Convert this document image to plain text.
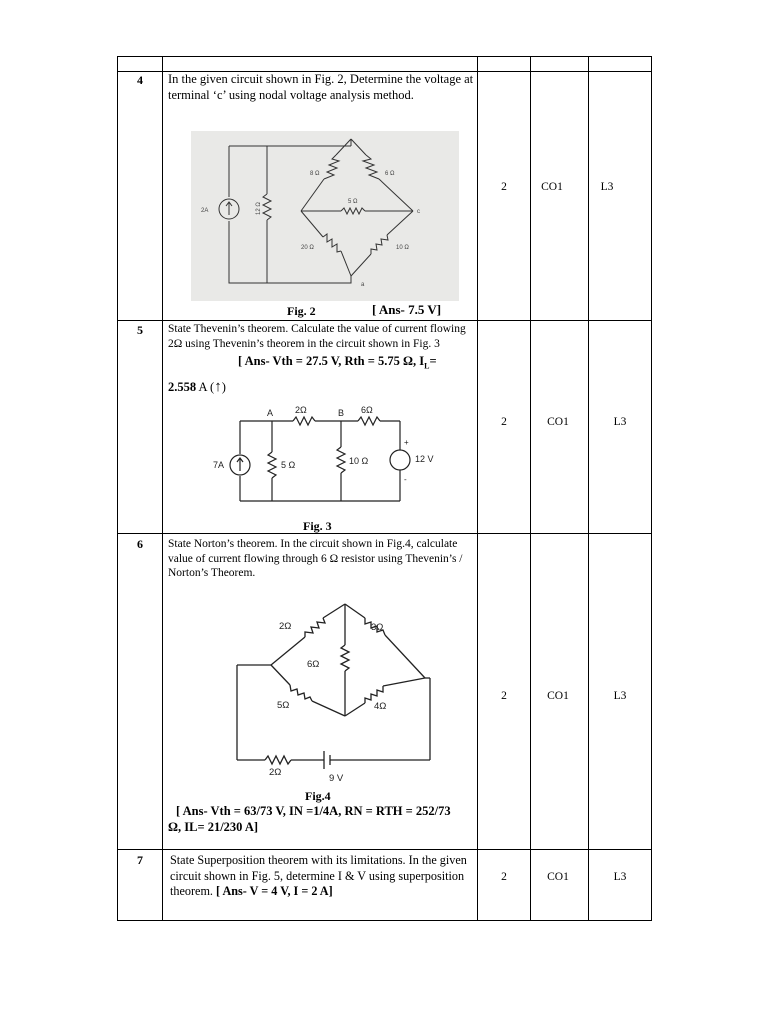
4	In the given circuit shown in Fig. 2, Determine the voltage at terminal ‘c’ using nodal voltage analysis method.
2A	12 Ω
8 Ω	6 Ω
5 Ω
20 Ω	10 Ω
c
a
Fig. 2	[ Ans- 7.5 V]
2	CO1	L3
5	State Thevenin’s theorem. Calculate the value of current flowing 2Ω using Thevenin’s theorem in the circuit shown in Fig. 3
[ Ans- Vth = 27.5 V, Rth = 5.75 Ω, $I_L=$
2.558 A (↑)
A	B
2Ω	6Ω
7A	5 Ω	10 Ω	12 V
+
-
Fig. 3
2	CO1	L3
6	State Norton’s theorem. In the circuit shown in Fig.4, calculate value of current flowing through 6 Ω resistor using Thevenin’s / Norton’s Theorem.
2Ω	3Ω
6Ω
5Ω	4Ω
2Ω
9 V
Fig.4
[ Ans- Vth = 63/73 V, IN =1/4A, RN = RTH = 252/73
Ω, IL= 21/230 A]
2	CO1	L3
7	State Superposition theorem with its limitations. In the given circuit shown in Fig. 5, determine I & V using superposition theorem. [ Ans- V = 4 V, I = 2 A]
2	CO1	L3
